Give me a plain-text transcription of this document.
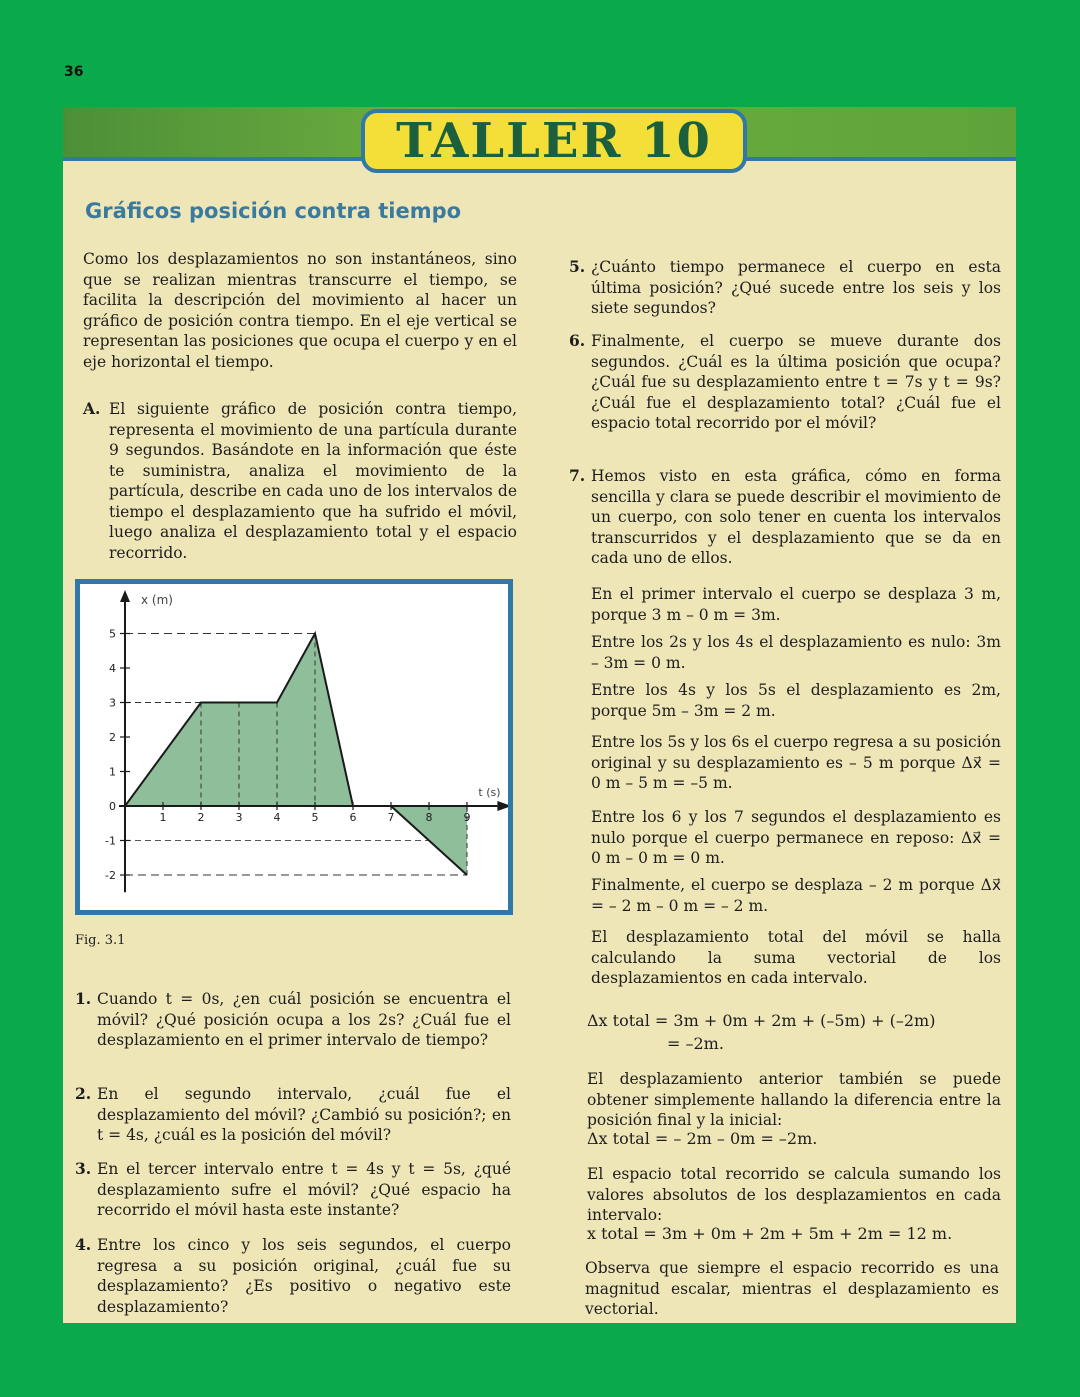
36
TALLER 10
Gráficos posición contra tiempo
Como los desplazamientos no son instantáneos, sino que se realizan mientras transcurre el tiempo, se facilita la descripción del movimiento al hacer un gráfico de posición contra tiempo. En el eje vertical se representan las posiciones que ocupa el cuerpo y en el eje horizontal el tiempo.
A. El siguiente gráfico de posición contra tiempo, representa el movimiento de una partícula durante 9 segundos. Basándote en la información que éste te suministra, analiza el movimiento de la partícula, describe en cada uno de los intervalos de tiempo el desplazamiento que ha sufrido el móvil, luego analiza el desplazamiento total y el espacio recorrido.
1	2	3	4	5	6	7	8	9
-2
-1
0
1
2
3
4
5
x (m)
t (s)
Fig. 3.1
1. Cuando t = 0s, ¿en cuál posición se encuentra el móvil? ¿Qué posición ocupa a los 2s? ¿Cuál fue el desplazamiento en el primer intervalo de tiempo?
2. En el segundo intervalo, ¿cuál fue el desplazamiento del móvil? ¿Cambió su posición?; en t = 4s, ¿cuál es la posición del móvil?
3. En el tercer intervalo entre t = 4s y t = 5s, ¿qué desplazamiento sufre el móvil? ¿Qué espacio ha recorrido el móvil hasta este instante?
4. Entre los cinco y los seis segundos, el cuerpo regresa a su posición original, ¿cuál fue su desplazamiento? ¿Es positivo o negativo este desplazamiento?
5. ¿Cuánto tiempo permanece el cuerpo en esta última posición? ¿Qué sucede entre los seis y los siete segundos?
6. Finalmente, el cuerpo se mueve durante dos segundos. ¿Cuál es la última posición que ocupa? ¿Cuál fue su desplazamiento entre t = 7s y t = 9s? ¿Cuál fue el desplazamiento total? ¿Cuál fue el espacio total recorrido por el móvil?
7. Hemos visto en esta gráfica, cómo en forma sencilla y clara se puede describir el movimiento de un cuerpo, con solo tener en cuenta los intervalos transcurridos y el desplazamiento que se da en cada uno de ellos.
En el primer intervalo el cuerpo se desplaza 3 m, porque 3 m – 0 m = 3m.
Entre los 2s y los 4s el desplazamiento es nulo: 3m – 3m = 0 m.
Entre los 4s y los 5s el desplazamiento es 2m, porque 5m – 3m = 2 m.
Entre los 5s y los 6s el cuerpo regresa a su posición original y su desplazamiento es – 5 m porque Δx⃗ = 0 m – 5 m = –5 m.
Entre los 6 y los 7 segundos el desplazamiento es nulo porque el cuerpo permanece en reposo: Δx⃗ = 0 m – 0 m = 0 m.
Finalmente, el cuerpo se desplaza – 2 m porque Δx⃗ = – 2 m – 0 m = – 2 m.
El desplazamiento total del móvil se halla calculando la suma vectorial de los desplazamientos en cada intervalo.
Δx total = 3m + 0m + 2m + (–5m) + (–2m)
= –2m.
El desplazamiento anterior también se puede obtener simplemente hallando la diferencia entre la posición final y la inicial:
Δx total = – 2m – 0m = –2m.
El espacio total recorrido se calcula sumando los valores absolutos de los desplazamientos en cada intervalo:
x total = 3m + 0m + 2m + 5m + 2m = 12 m.
Observa que siempre el espacio recorrido es una magnitud escalar, mientras el desplazamiento es vectorial.
